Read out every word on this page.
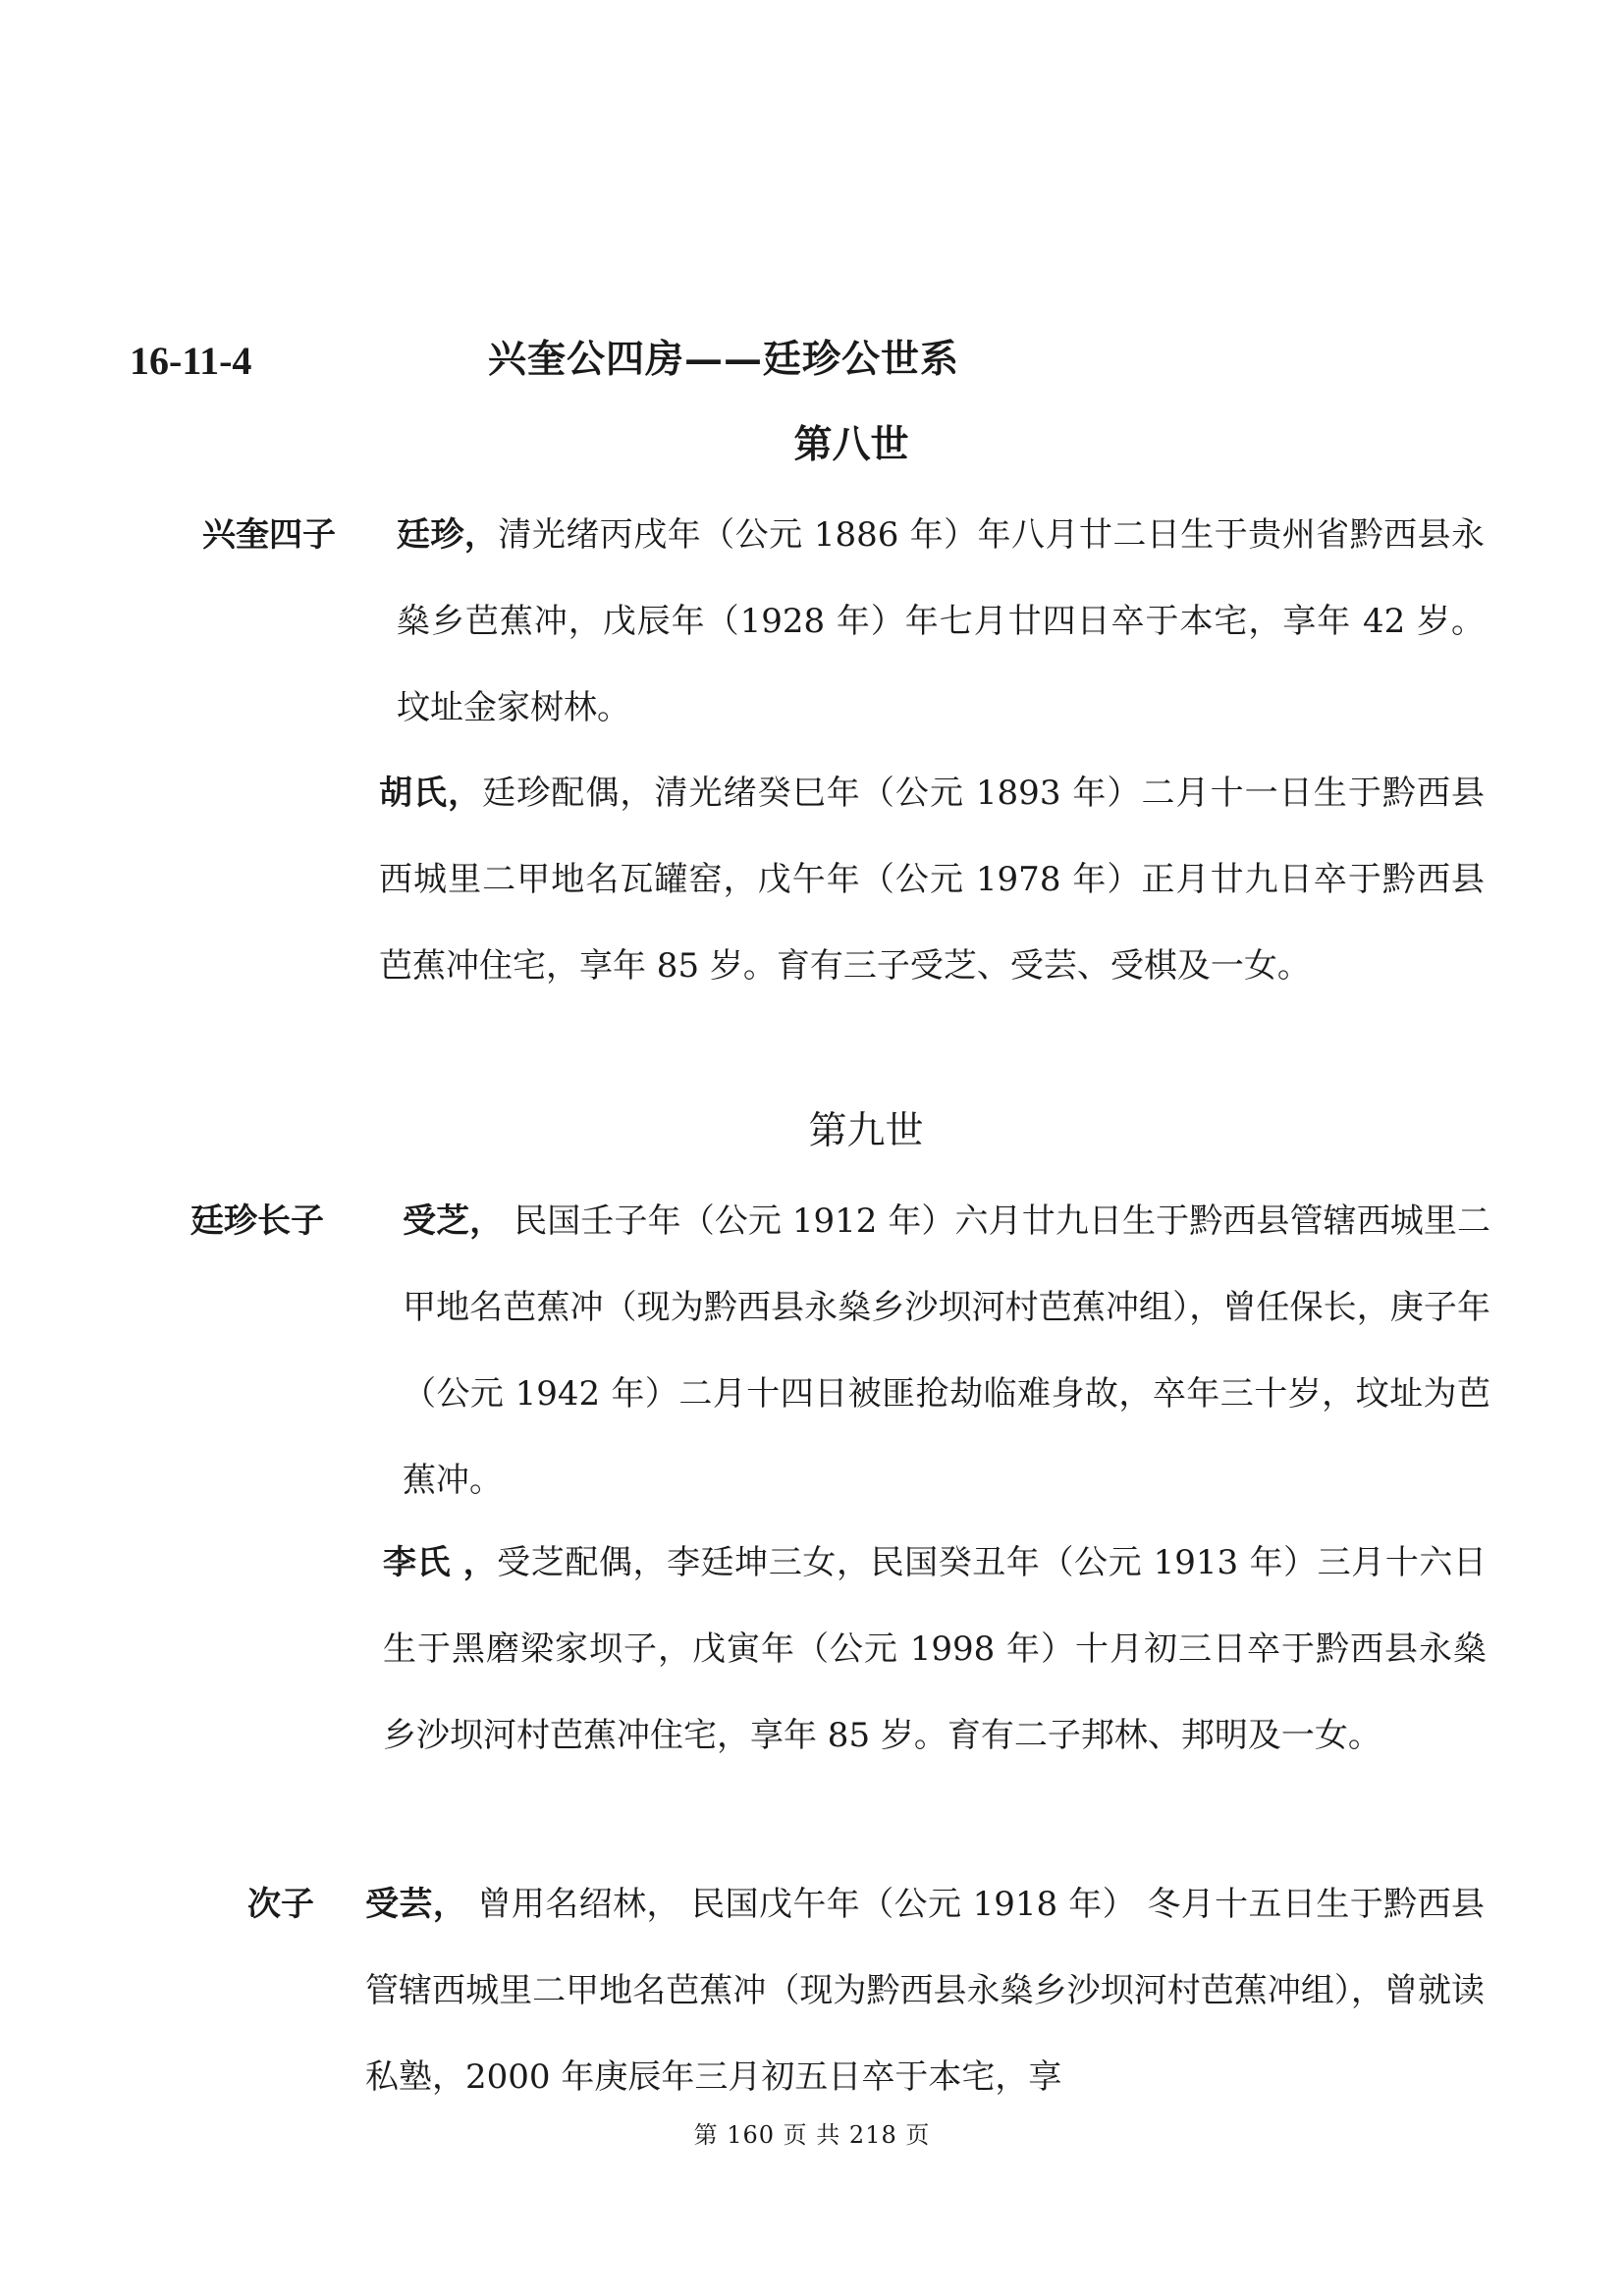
16-11-4	兴奎公四房——廷珍公世系
第八世
兴奎四子 廷珍，清光绪丙戌年（公元 1886 年）年八月廿二日生于贵州省黔西县永燊乡芭蕉冲，戊辰年（1928 年）年七月廿四日卒于本宅，享年 42 岁。坟址金家树林。
胡氏，廷珍配偶，清光绪癸巳年（公元 1893 年）二月十一日生于黔西县西城里二甲地名瓦罐窑，戊午年（公元 1978 年）正月廿九日卒于黔西县芭蕉冲住宅，享年 85 岁。育有三子受芝、受芸、受棋及一女。
第九世
廷珍长子 受芝， 民国壬子年（公元 1912 年）六月廿九日生于黔西县管辖西城里二甲地名芭蕉冲（现为黔西县永燊乡沙坝河村芭蕉冲组），曾任保长，庚子年（公元 1942 年）二月十四日被匪抢劫临难身故，卒年三十岁，坟址为芭蕉冲。
李氏 ，受芝配偶，李廷坤三女，民国癸丑年（公元 1913 年）三月十六日生于黑磨梁家坝子，戊寅年（公元 1998 年）十月初三日卒于黔西县永燊乡沙坝河村芭蕉冲住宅，享年 85 岁。育有二子邦林、邦明及一女。
次子 受芸， 曾用名绍林， 民国戊午年（公元 1918 年） 冬月十五日生于黔西县管辖西城里二甲地名芭蕉冲（现为黔西县永燊乡沙坝河村芭蕉冲组），曾就读私塾，2000 年庚辰年三月初五日卒于本宅，享
第 160 页 共 218 页
